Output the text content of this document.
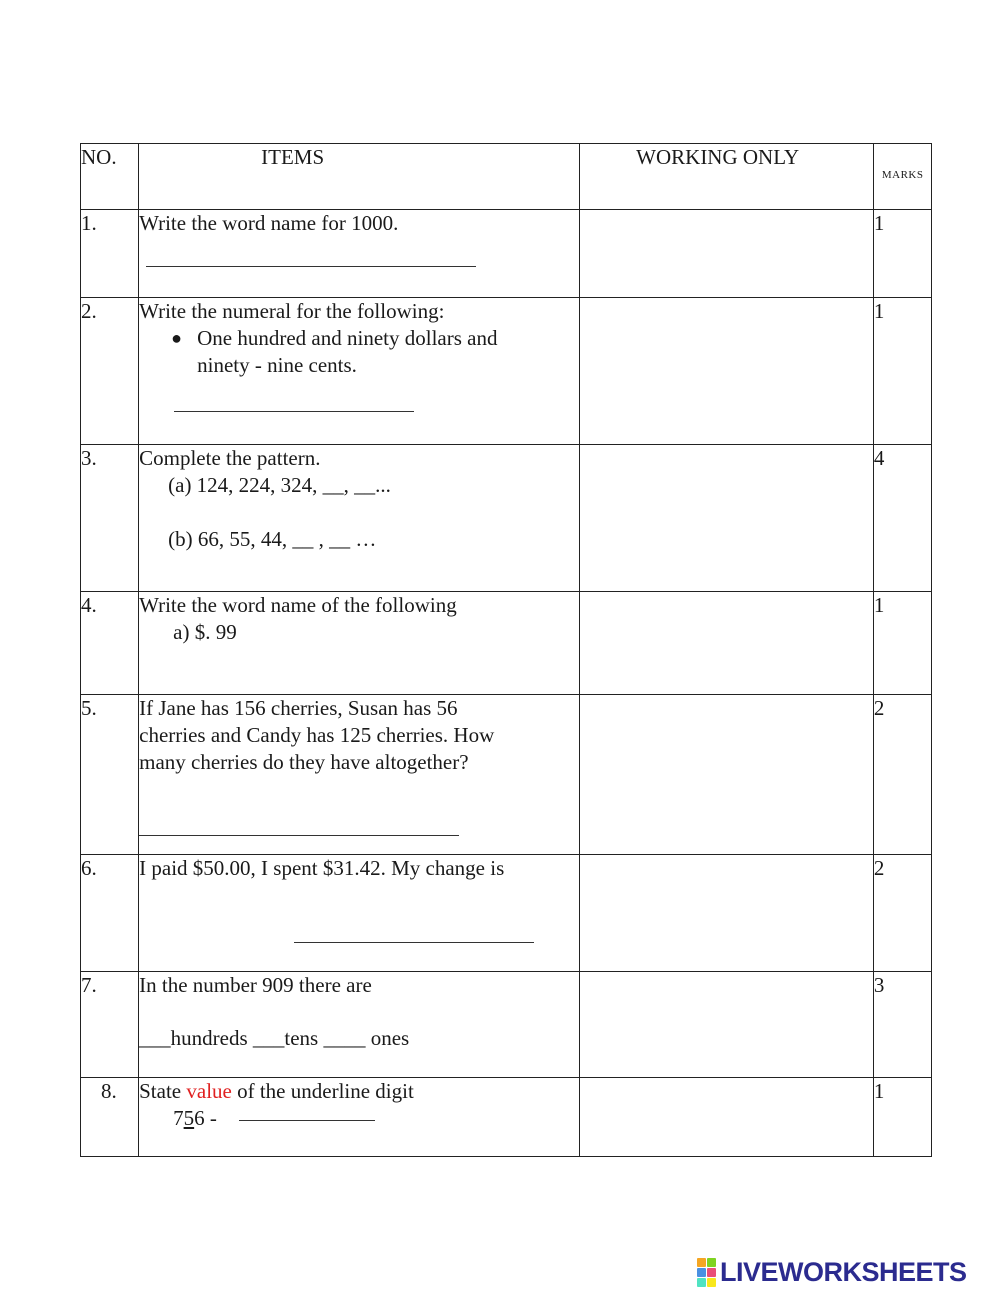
NO.	ITEMS	WORKING ONLY	MARKS
1.	Write the word name for 1000.		1
2.	Write the numeral for the following:
● One hundred and ninety dollars and
ninety - nine cents.		1
3.	Complete the pattern.
(a) 124, 224, 324, __, __...
(b) 66, 55, 44, __ , __ …		4
4.	Write the word name of the following
a) $. 99		1
5.	If Jane has 156 cherries, Susan has 56
cherries and Candy has 125 cherries. How
many cherries do they have altogether?		2
6.	I paid $50.00, I spent $31.42. My change is		2
7.	In the number 909 there are
___hundreds ___tens ____ ones		3
8.	State value of the underline digit
756 -		1
LIVEWORKSHEETS
